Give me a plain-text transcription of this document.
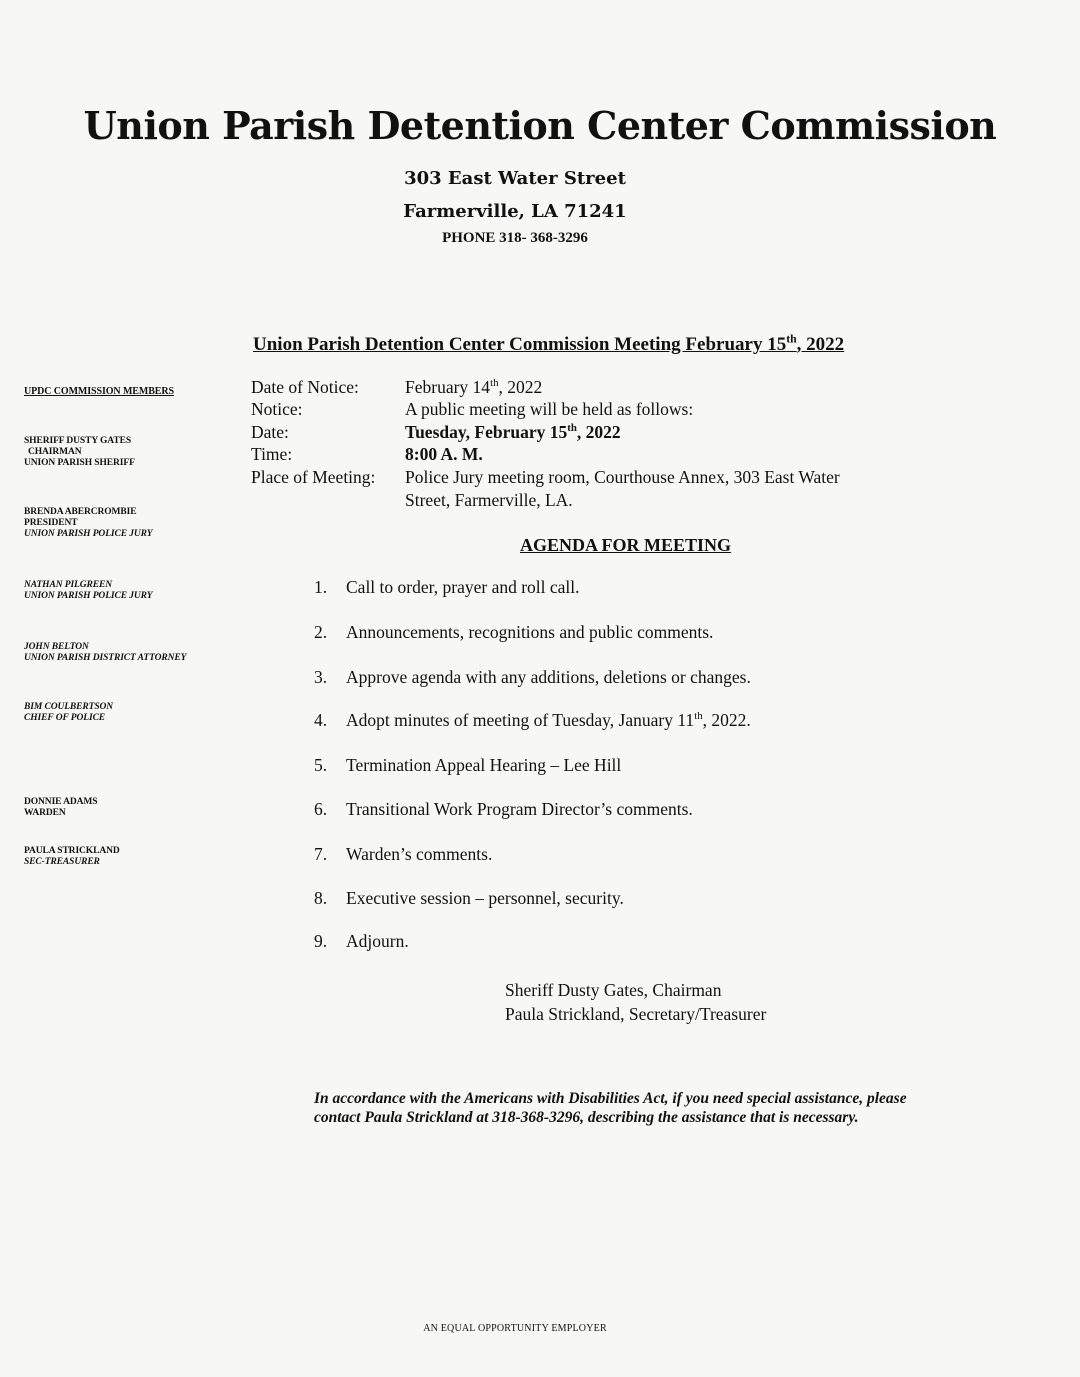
Union Parish Detention Center Commission
303 East Water Street
Farmerville, LA 71241
PHONE 318- 368-3296
Union Parish Detention Center Commission Meeting February 15th, 2022
UPDC COMMISSION MEMBERS
SHERIFF DUSTY GATES
CHAIRMAN
UNION PARISH SHERIFF
BRENDA ABERCROMBIE
PRESIDENT
UNION PARISH POLICE JURY
NATHAN PILGREEN
UNION PARISH POLICE JURY
JOHN BELTON
UNION PARISH DISTRICT ATTORNEY
BIM COULBERTSON
CHIEF OF POLICE
DONNIE ADAMS
WARDEN
PAULA STRICKLAND
SEC-TREASURER
Date of Notice:	February 14th, 2022
Notice:	A public meeting will be held as follows:
Date:	Tuesday, February 15th, 2022
Time:	8:00 A. M.
Place of Meeting: Police Jury meeting room, Courthouse Annex, 303 East Water
Street, Farmerville, LA.
AGENDA FOR MEETING
1. Call to order, prayer and roll call.
2. Announcements, recognitions and public comments.
3. Approve agenda with any additions, deletions or changes.
4. Adopt minutes of meeting of Tuesday, January 11th, 2022.
5. Termination Appeal Hearing – Lee Hill
6. Transitional Work Program Director’s comments.
7. Warden’s comments.
8. Executive session – personnel, security.
9. Adjourn.
Sheriff Dusty Gates, Chairman
Paula Strickland, Secretary/Treasurer
In accordance with the Americans with Disabilities Act, if you need special assistance, please contact Paula Strickland at 318-368-3296, describing the assistance that is necessary.
AN EQUAL OPPORTUNITY EMPLOYER
